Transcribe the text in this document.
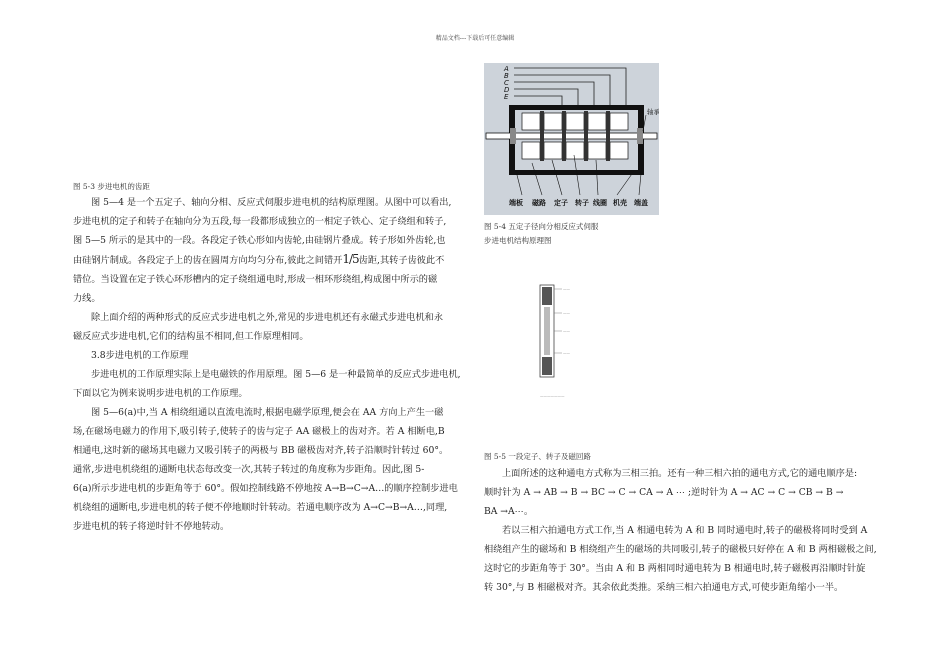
精品文档---下载后可任意编辑

图 5-3 步进电机的齿距

图 5—4 是一个五定子、轴向分相、反应式伺服步进电机的结构原理图。从图中可以看出,

步进电机的定子和转子在轴向分为五段,每一段都形成独立的一相定子铁心、定子绕组和转子,

图 5—5 所示的是其中的一段。各段定子铁心形如内齿轮,由硅钢片叠成。转子形如外齿轮,也

由硅钢片制成。各段定子上的齿在圆周方向均匀分布,彼此之间错开1/5齿距,其转子齿彼此不

错位。当设置在定子铁心环形槽内的定子绕组通电时,形成一相环形绕组,构成图中所示的磁

力线。

除上面介绍的两种形式的反应式步进电机之外,常见的步进电机还有永磁式步进电机和永

磁反应式步进电机,它们的结构虽不相同,但工作原理相同。

3.8步进电机的工作原理

步进电机的工作原理实际上是电磁铁的作用原理。图 5—6 是一种最简单的反应式步进电机,

下面以它为例来说明步进电机的工作原理。

图 5—6(a)中,当 A 相绕组通以直流电流时,根据电磁学原理,便会在 AA 方向上产生一磁

场,在磁场电磁力的作用下,吸引转子,使转子的齿与定子 AA 磁极上的齿对齐。若 A 相断电,B

相通电,这时新的磁场其电磁力又吸引转子的两极与 BB 磁极齿对齐,转子沿顺时针转过 60°。

通常,步进电机绕组的通断电状态每改变一次,其转子转过的角度称为步距角。因此,图 5-

6(a)所示步进电机的步距角等于 60°。假如控制线路不停地按 A→B→C→A…的顺序控制步进电

机绕组的通断电,步进电机的转子便不停地顺时针转动。若通电顺序改为 A→C→B→A…,同理,

步进电机的转子将逆时针不停地转动。

A
B
C
D
E
轴承
端板 磁路 定子 转子 线圈 机壳 端盖

图 5-4 五定子径向分相反应式伺服

步进电机结构原理图

——
——
——
——
———————

图 5-5 一段定子、转子及磁回路

上面所述的这种通电方式称为三相三拍。还有一种三相六拍的通电方式,它的通电顺序是:

顺时针为 A → AB → B → BC → C → CA → A ⋯ ;逆时针为 A → AC → C → CB → B →

BA →A⋯。

若以三相六拍通电方式工作,当 A 相通电转为 A 和 B 同时通电时,转子的磁极将同时受到 A

相绕组产生的磁场和 B 相绕组产生的磁场的共同吸引,转子的磁极只好停在 A 和 B 两相磁极之间,

这时它的步距角等于 30°。当由 A 和 B 两相同时通电转为 B 相通电时,转子磁极再沿顺时针旋

转 30°,与 B 相磁极对齐。其余依此类推。采纳三相六拍通电方式,可使步距角缩小一半。
